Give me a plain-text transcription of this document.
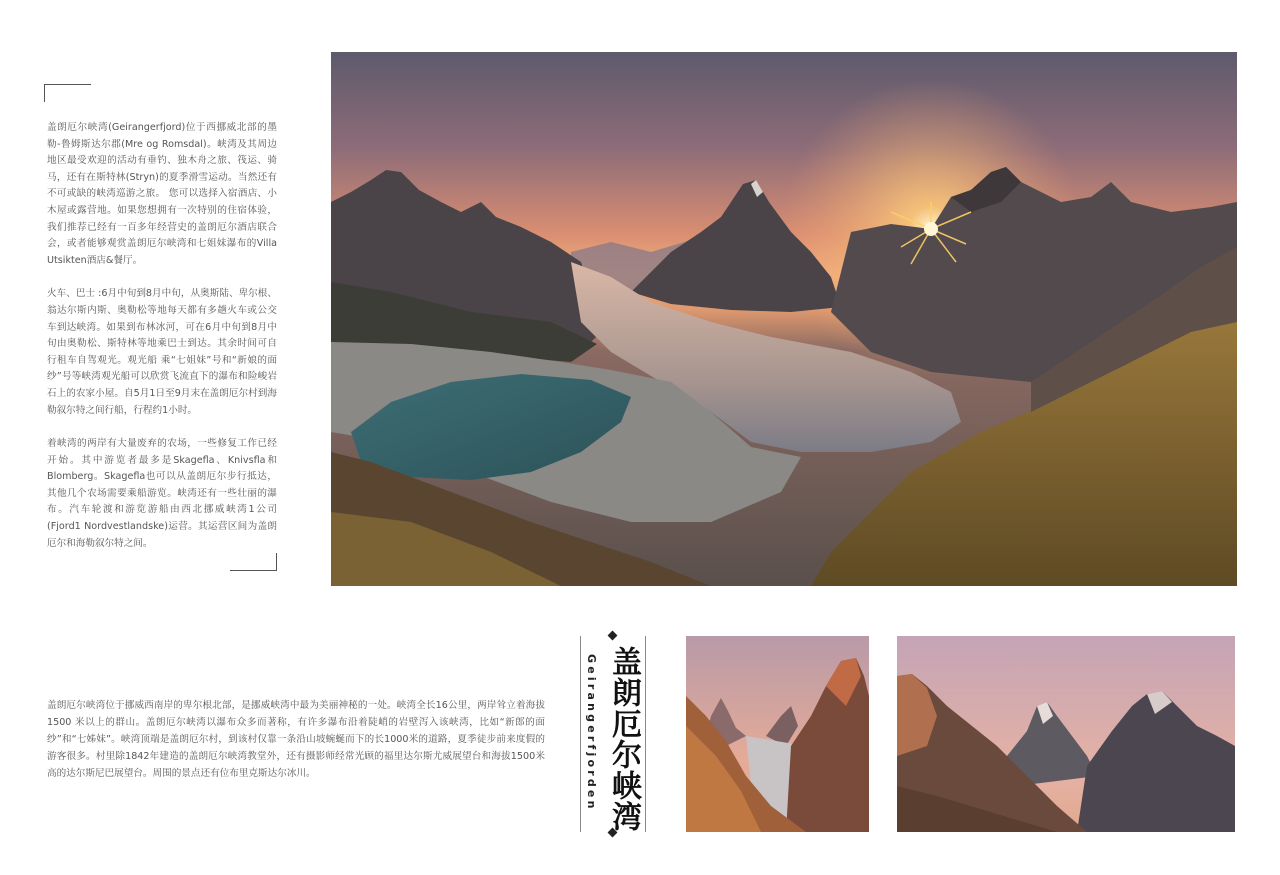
盖朗厄尔峡湾(Geirangerfjord)位于西挪威北部的墨勒-鲁姆斯达尔郡(Mre og Romsdal)。峡湾及其周边地区最受欢迎的活动有垂钓、独木舟之旅、筏运、骑马，还有在斯特林(Stryn)的夏季滑雪运动。当然还有不可或缺的峡湾巡游之旅。 您可以选择入宿酒店、小木屋或露营地。如果您想拥有一次特别的住宿体验，我们推荐已经有一百多年经营史的盖朗厄尔酒店联合会，或者能够观赏盖朗厄尔峡湾和七姐妹瀑布的Villa Utsikten酒店&餐厅。

火车、巴士 :6月中旬到8月中旬，从奥斯陆、卑尔根、翁达尔斯内斯、奥勒松等地每天都有多趟火车或公交车到达峡湾。如果到布林冰河，可在6月中旬到8月中旬由奥勒松、斯特林等地乘巴士到达。其余时间可自行租车自驾观光。观光船 乘“七姐妹”号和“新娘的面纱”号等峡湾观光船可以欣赏飞流直下的瀑布和险峻岩石上的农家小屋。自5月1日至9月末在盖朗厄尔村到海勒叙尔特之间行船，行程约1小时。

着峡湾的两岸有大量废弃的农场，一些修复工作已经开始。其中游览者最多是Skagefla、Knivsfla和Blomberg。Skagefla也可以从盖朗厄尔步行抵达，其他几个农场需要乘船游览。峡湾还有一些壮丽的瀑布。汽车轮渡和游览游船由西北挪威峡湾1公司(Fjord1 Nordvestlandske)运营。其运营区间为盖朗厄尔和海勒叙尔特之间。

盖朗厄尔峡湾位于挪威西南岸的卑尔根北部，是挪威峡湾中最为美丽神秘的一处。峡湾全长16公里，两岸耸立着海拔1500 米以上的群山。盖朗厄尔峡湾以瀑布众多而著称，有许多瀑布沿着陡峭的岩壁泻入该峡湾，比如“新郎的面纱”和“七姊妹”。峡湾顶端是盖朗厄尔村，到该村仅靠一条沿山坡蜿蜒而下的长1000米的道路，夏季徒步前来度假的游客很多。村里除1842年建造的盖朗厄尔峡湾教堂外，还有摄影师经常光顾的福里达尔斯尤威展望台和海拔1500米高的达尔斯尼巴展望台。周围的景点还有位布里克斯达尔冰川。	Geirangerfjorden 盖朗厄尔峡湾
